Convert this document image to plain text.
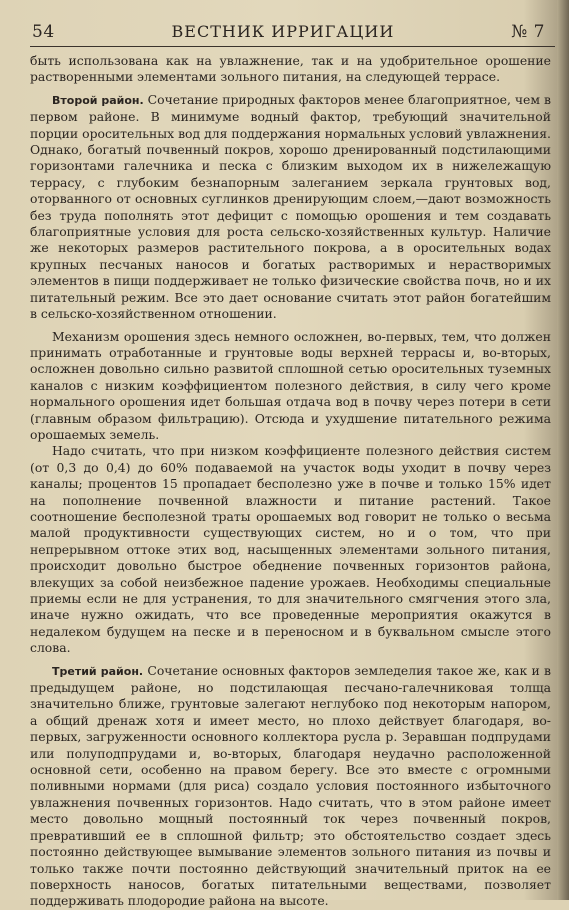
54	ВЕСТНИК ИРРИГАЦИИ	№ 7

быть использована как на увлажнение, так и на удобрительное орошение растворенными элементами зольного питания, на следующей террасе.

Второй район. Сочетание природных факторов менее благоприятное, чем в первом районе. В минимуме водный фактор, требующий значительной порции оросительных вод для поддержания нормальных условий увлажнения. Однако, богатый почвенный покров, хорошо дренированный подстилающими горизонтами галечника и песка с близким выходом их в нижележащую террасу, с глубоким безнапорным залеганием зеркала грунтовых вод, оторванного от основных суглинков дренирующим слоем,—дают возможность без труда пополнять этот дефицит с помощью орошения и тем создавать благоприятные условия для роста сельско-хозяйственных культур. Наличие же некоторых размеров растительного покрова, а в оросительных водах крупных песчаных наносов и богатых растворимых и нерастворимых элементов в пищи поддерживает не только физические свойства почв, но и их питательный режим. Все это дает основание считать этот район богатейшим в сельско-хозяйственном отношении.

Механизм орошения здесь немного осложнен, во-первых, тем, что должен принимать отработанные и грунтовые воды верхней террасы и, во-вторых, осложнен довольно сильно развитой сплошной сетью оросительных туземных каналов с низким коэффициентом полезного действия, в силу чего кроме нормального орошения идет большая отдача вод в почву через потери в сети (главным образом фильтрацию). Отсюда и ухудшение питательного режима орошаемых земель.

Надо считать, что при низком коэффициенте полезного действия систем (от 0,3 до 0,4) до 60% подаваемой на участок воды уходит в почву через каналы; процентов 15 пропадает бесполезно уже в почве и только 15% идет на пополнение почвенной влажности и питание растений. Такое соотношение бесполезной траты орошаемых вод говорит не только о весьма малой продуктивности существующих систем, но и о том, что при непрерывном оттоке этих вод, насыщенных элементами зольного питания, происходит довольно быстрое обеднение почвенных горизонтов района, влекущих за собой неизбежное падение урожаев. Необходимы специальные приемы если не для устранения, то для значительного смягчения этого зла, иначе нужно ожидать, что все проведенные мероприятия окажутся в недалеком будущем на песке и в переносном и в буквальном смысле этого слова.

Третий район. Сочетание основных факторов земледелия такое же, как и в предыдущем районе, но подстилающая песчано-галечниковая толща значительно ближе, грунтовые залегают неглубоко под некоторым напором, а общий дренаж хотя и имеет место, но плохо действует благодаря, во-первых, загруженности основного коллектора русла р. Зеравшан подпрудами или полуподпрудами и, во-вторых, благодаря неудачно расположенной основной сети, особенно на правом берегу. Все это вместе с огромными поливными нормами (для риса) создало условия постоянного избыточного увлажнения почвенных горизонтов. Надо считать, что в этом районе имеет место довольно мощный постоянный ток через почвенный покров, превративший ее в сплошной фильтр; это обстоятельство создает здесь постоянно действующее вымывание элементов зольного питания из почвы и только также почти постоянно действующий значительный приток на ее поверхность наносов, богатых питательными веществами, позволяет поддерживать плодородие района на высоте.
